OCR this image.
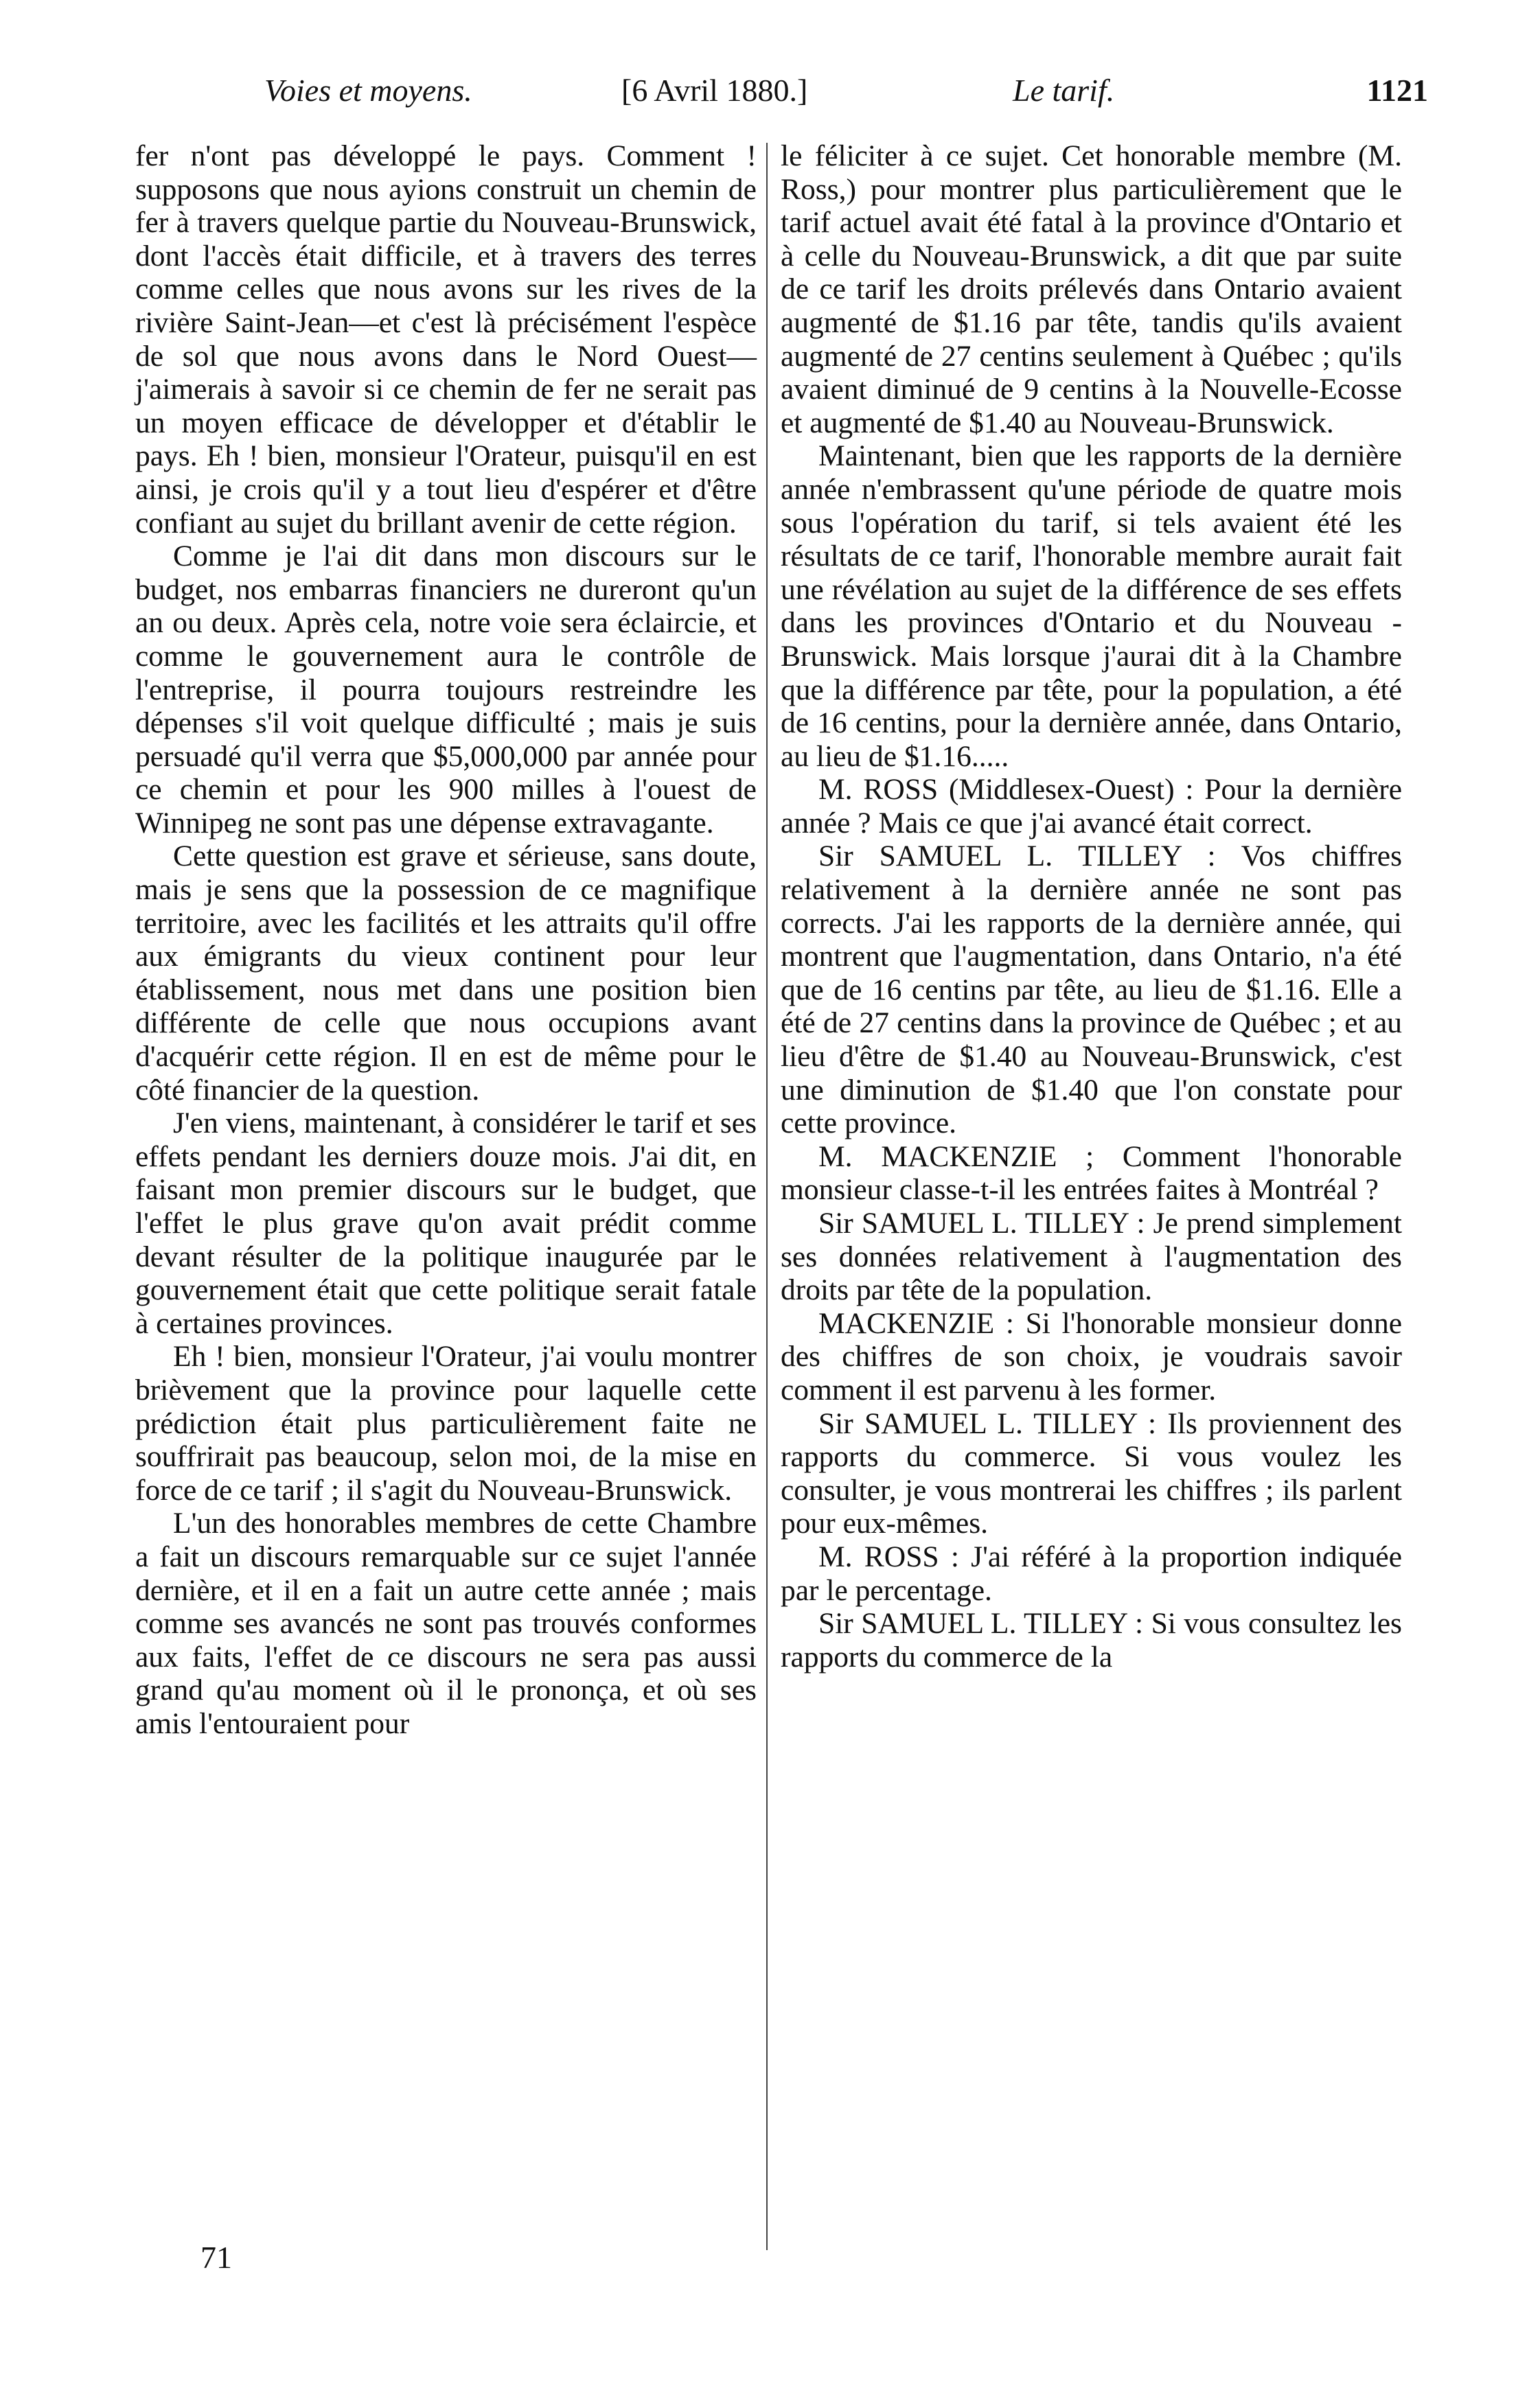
Voies et moyens.	[6 Avril 1880.]	Le tarif.	1121

fer n'ont pas développé le pays. Comment ! supposons que nous ayions construit un chemin de fer à travers quelque partie du Nouveau-Brunswick, dont l'accès était difficile, et à travers des terres comme celles que nous avons sur les rives de la rivière Saint-Jean—et c'est là précisément l'espèce de sol que nous avons dans le Nord Ouest—j'aimerais à savoir si ce chemin de fer ne serait pas un moyen efficace de développer et d'établir le pays. Eh ! bien, monsieur l'Orateur, puisqu'il en est ainsi, je crois qu'il y a tout lieu d'espérer et d'être confiant au sujet du brillant avenir de cette région.

Comme je l'ai dit dans mon discours sur le budget, nos embarras financiers ne dureront qu'un an ou deux. Après cela, notre voie sera éclaircie, et comme le gouvernement aura le contrôle de l'entreprise, il pourra toujours restreindre les dépenses s'il voit quelque difficulté ; mais je suis persuadé qu'il verra que $5,000,000 par année pour ce chemin et pour les 900 milles à l'ouest de Winnipeg ne sont pas une dépense extravagante.

Cette question est grave et sérieuse, sans doute, mais je sens que la possession de ce magnifique territoire, avec les facilités et les attraits qu'il offre aux émigrants du vieux continent pour leur établissement, nous met dans une position bien différente de celle que nous occupions avant d'acquérir cette région. Il en est de même pour le côté financier de la question.

J'en viens, maintenant, à considérer le tarif et ses effets pendant les derniers douze mois. J'ai dit, en faisant mon premier discours sur le budget, que l'effet le plus grave qu'on avait prédit comme devant résulter de la politique inaugurée par le gouvernement était que cette politique serait fatale à certaines provinces.

Eh ! bien, monsieur l'Orateur, j'ai voulu montrer brièvement que la province pour laquelle cette prédiction était plus particulièrement faite ne souffrirait pas beaucoup, selon moi, de la mise en force de ce tarif ; il s'agit du Nouveau-Brunswick.

L'un des honorables membres de cette Chambre a fait un discours remarquable sur ce sujet l'année dernière, et il en a fait un autre cette année ; mais comme ses avancés ne sont pas trouvés conformes aux faits, l'effet de ce discours ne sera pas aussi grand qu'au moment où il le prononça, et où ses amis l'entouraient pour

le féliciter à ce sujet. Cet honorable membre (M. Ross,) pour montrer plus particulièrement que le tarif actuel avait été fatal à la province d'Ontario et à celle du Nouveau-Brunswick, a dit que par suite de ce tarif les droits prélevés dans Ontario avaient augmenté de $1.16 par tête, tandis qu'ils avaient augmenté de 27 centins seulement à Québec ; qu'ils avaient diminué de 9 centins à la Nouvelle-Ecosse et augmenté de $1.40 au Nouveau-Brunswick.

Maintenant, bien que les rapports de la dernière année n'embrassent qu'une période de quatre mois sous l'opération du tarif, si tels avaient été les résultats de ce tarif, l'honorable membre aurait fait une révélation au sujet de la différence de ses effets dans les provinces d'Ontario et du Nouveau - Brunswick. Mais lorsque j'aurai dit à la Chambre que la différence par tête, pour la population, a été de 16 centins, pour la dernière année, dans Ontario, au lieu de $1.16.....

M. ROSS (Middlesex-Ouest) : Pour la dernière année ? Mais ce que j'ai avancé était correct.

Sir SAMUEL L. TILLEY : Vos chiffres relativement à la dernière année ne sont pas corrects. J'ai les rapports de la dernière année, qui montrent que l'augmentation, dans Ontario, n'a été que de 16 centins par tête, au lieu de $1.16. Elle a été de 27 centins dans la province de Québec ; et au lieu d'être de $1.40 au Nouveau-Brunswick, c'est une diminution de $1.40 que l'on constate pour cette province.

M. MACKENZIE ; Comment l'honorable monsieur classe-t-il les entrées faites à Montréal ?

Sir SAMUEL L. TILLEY : Je prend simplement ses données relativement à l'augmentation des droits par tête de la population.

MACKENZIE : Si l'honorable monsieur donne des chiffres de son choix, je voudrais savoir comment il est parvenu à les former.

Sir SAMUEL L. TILLEY : Ils proviennent des rapports du commerce. Si vous voulez les consulter, je vous montrerai les chiffres ; ils parlent pour eux-mêmes.

M. ROSS : J'ai référé à la proportion indiquée par le percentage.

Sir SAMUEL L. TILLEY : Si vous consultez les rapports du commerce de la

71
